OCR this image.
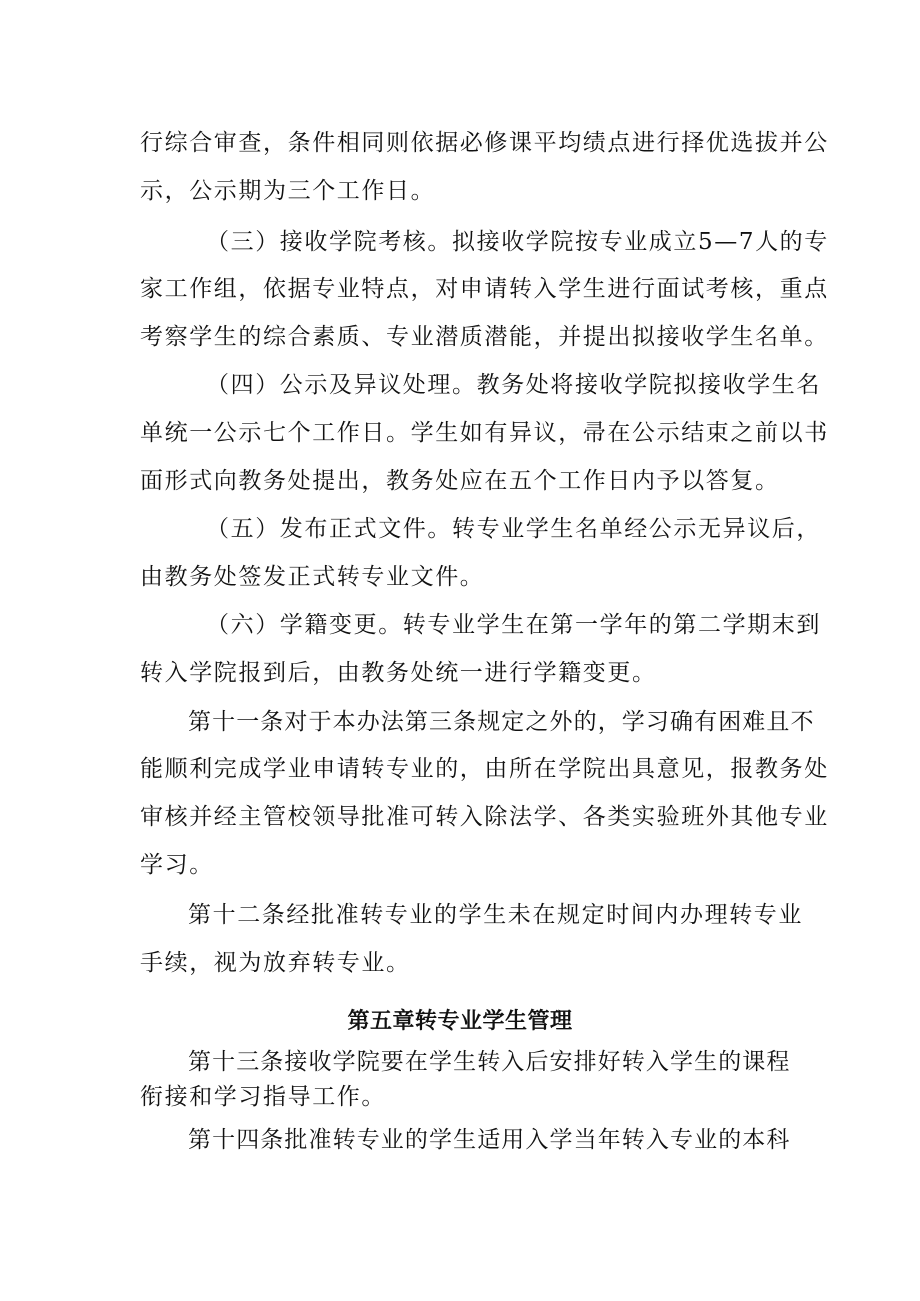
行综合审查，条件相同则依据必修课平均绩点进行择优选拔并公
示，公示期为三个工作日。
（三）接收学院考核。拟接收学院按专业成立5—7人的专
家工作组，依据专业特点，对申请转入学生进行面试考核，重点
考察学生的综合素质、专业潜质潜能，并提出拟接收学生名单。
（四）公示及异议处理。教务处将接收学院拟接收学生名
单统一公示七个工作日。学生如有异议，帚在公示结束之前以书
面形式向教务处提出，教务处应在五个工作日内予以答复。
（五）发布正式文件。转专业学生名单经公示无异议后，
由教务处签发正式转专业文件。
（六）学籍变更。转专业学生在第一学年的第二学期末到
转入学院报到后，由教务处统一进行学籍变更。
第十一条对于本办法第三条规定之外的，学习确有困难且不
能顺利完成学业申请转专业的，由所在学院出具意见，报教务处
审核并经主管校领导批准可转入除法学、各类实验班外其他专业
学习。
第十二条经批准转专业的学生未在规定时间内办理转专业
手续，视为放弃转专业。
第五章转专业学生管理
第十三条接收学院要在学生转入后安排好转入学生的课程
衔接和学习指导工作。
第十四条批准转专业的学生适用入学当年转入专业的本科
